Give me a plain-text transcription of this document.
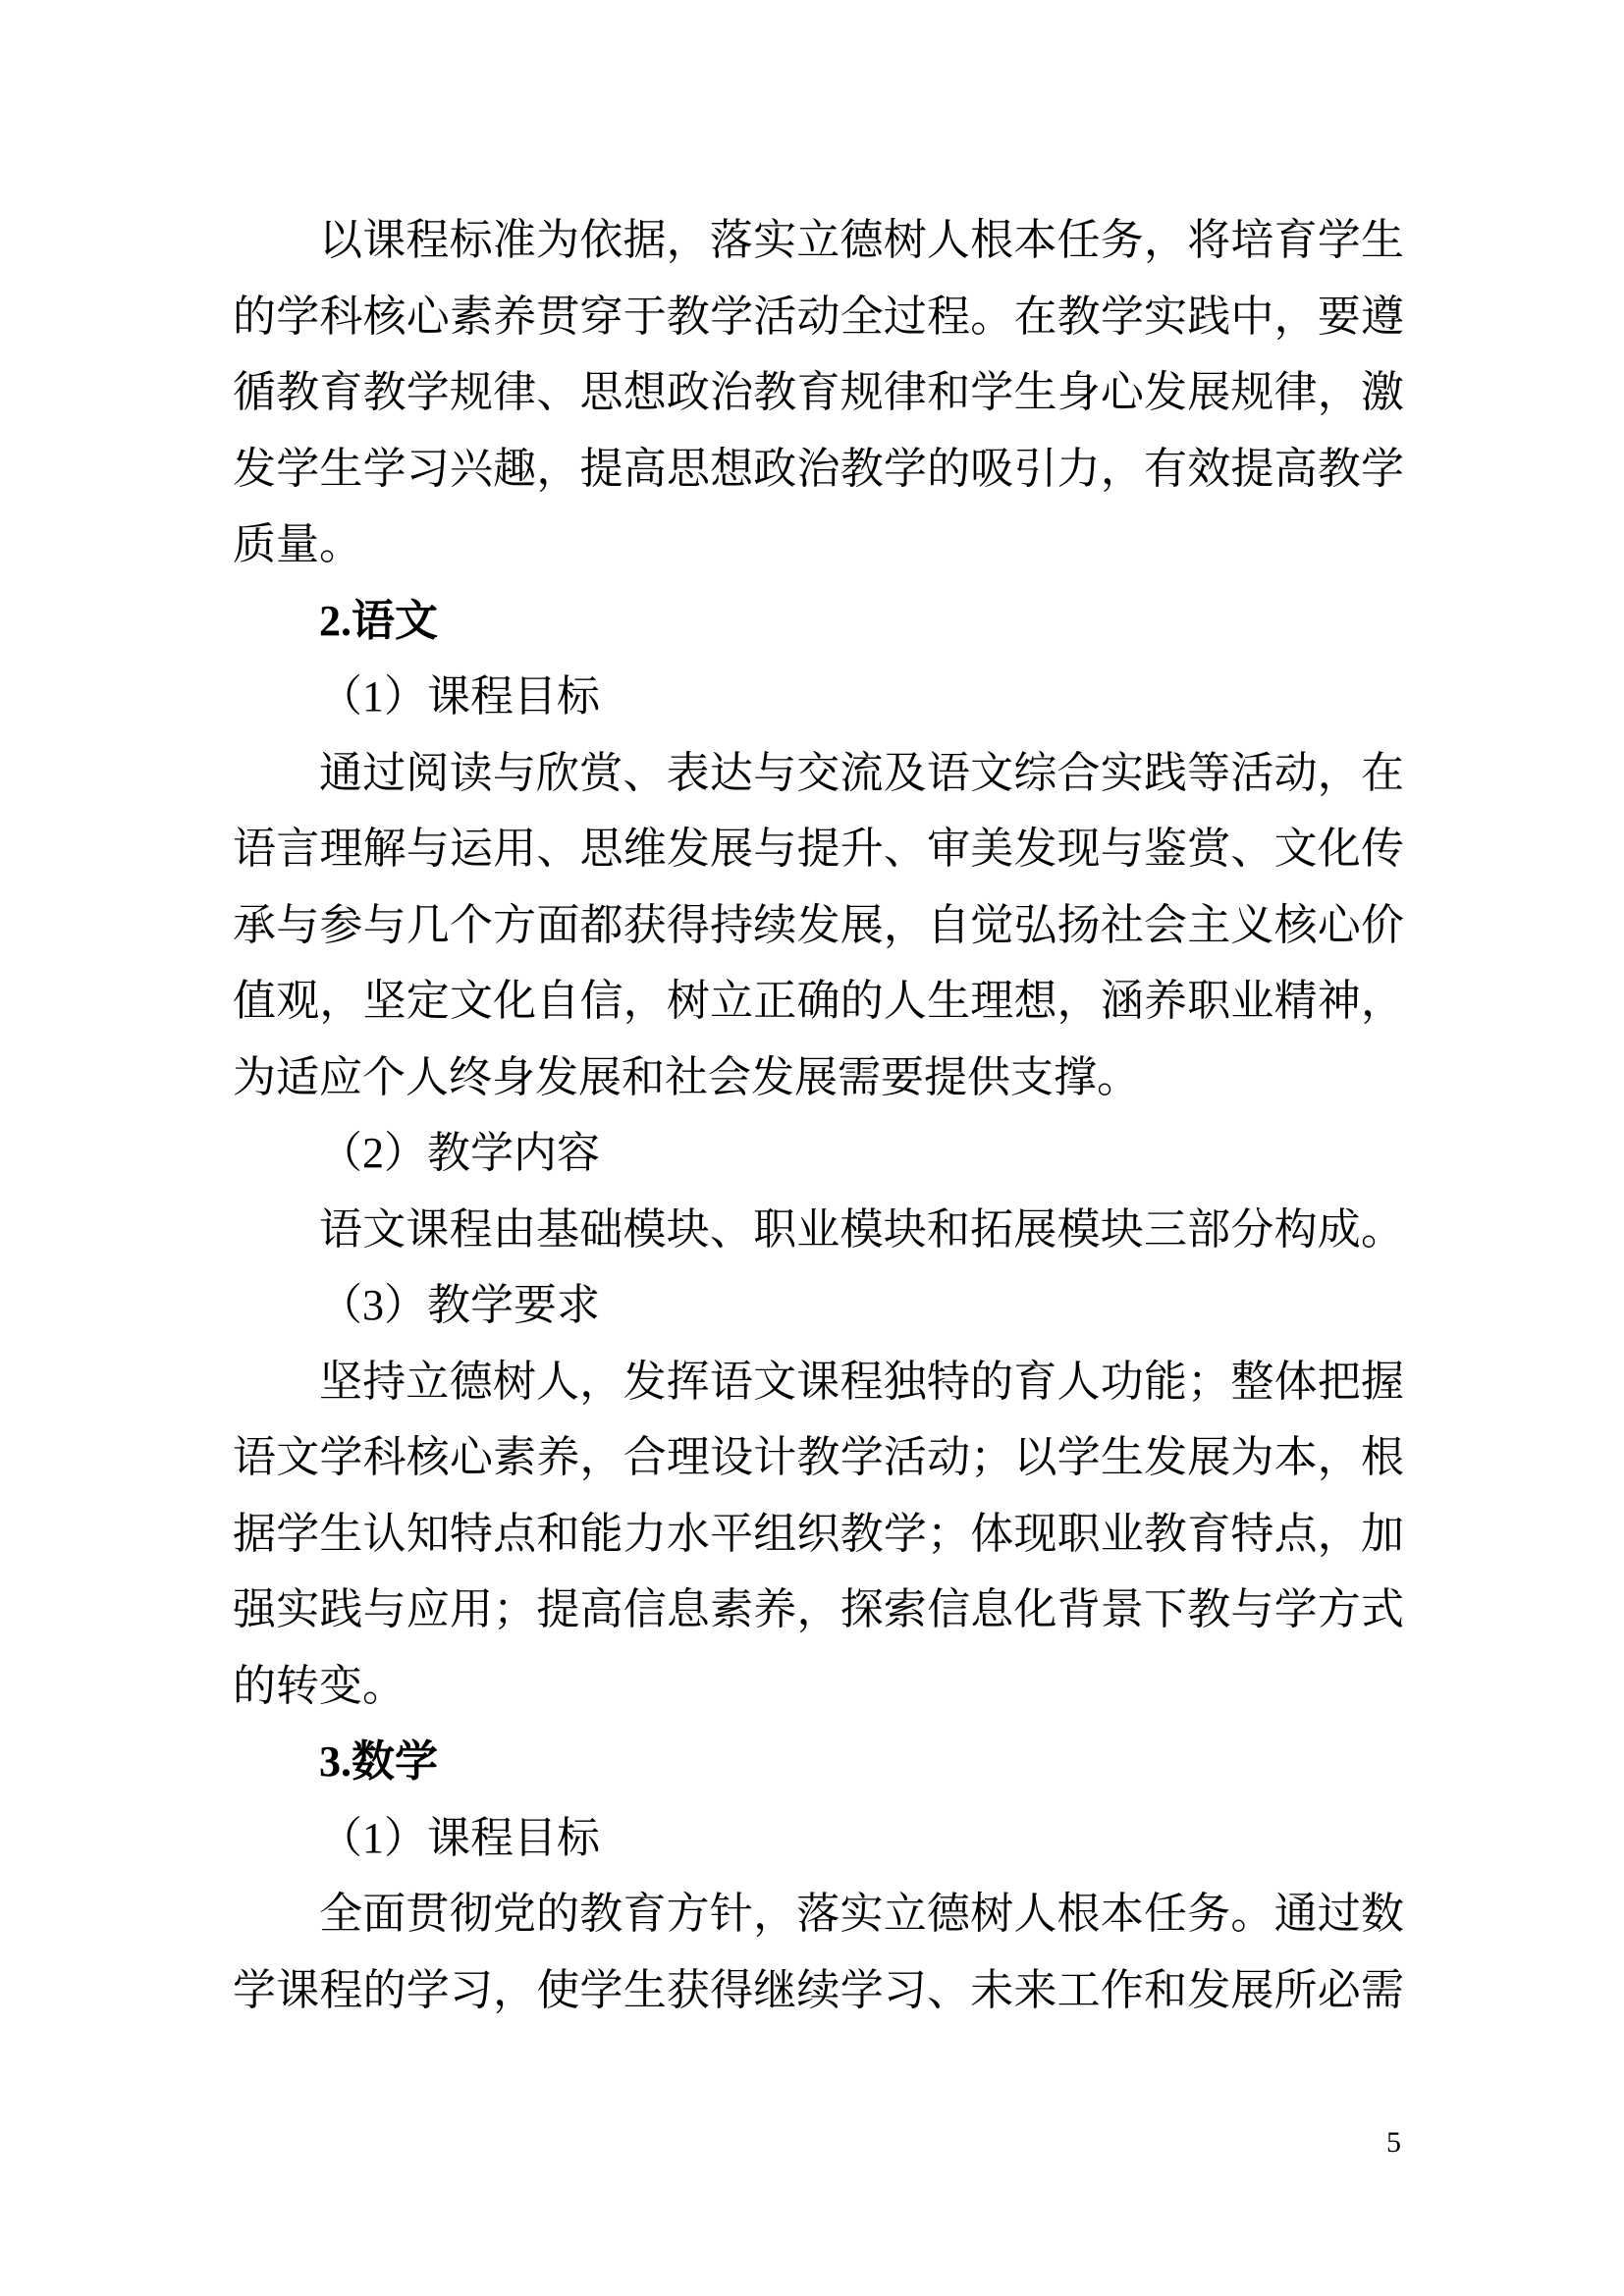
以课程标准为依据，落实立德树人根本任务，将培育学生
的学科核心素养贯穿于教学活动全过程。在教学实践中，要遵
循教育教学规律、思想政治教育规律和学生身心发展规律，激
发学生学习兴趣，提高思想政治教学的吸引力，有效提高教学
质量。
2.语文
（1）课程目标
通过阅读与欣赏、表达与交流及语文综合实践等活动，在
语言理解与运用、思维发展与提升、审美发现与鉴赏、文化传
承与参与几个方面都获得持续发展，自觉弘扬社会主义核心价
值观，坚定文化自信，树立正确的人生理想，涵养职业精神，
为适应个人终身发展和社会发展需要提供支撑。
（2）教学内容
语文课程由基础模块、职业模块和拓展模块三部分构成。
（3）教学要求
坚持立德树人，发挥语文课程独特的育人功能；整体把握
语文学科核心素养，合理设计教学活动；以学生发展为本，根
据学生认知特点和能力水平组织教学；体现职业教育特点，加
强实践与应用；提高信息素养，探索信息化背景下教与学方式
的转变。
3.数学
（1）课程目标
全面贯彻党的教育方针，落实立德树人根本任务。通过数
学课程的学习，使学生获得继续学习、未来工作和发展所必需
5
